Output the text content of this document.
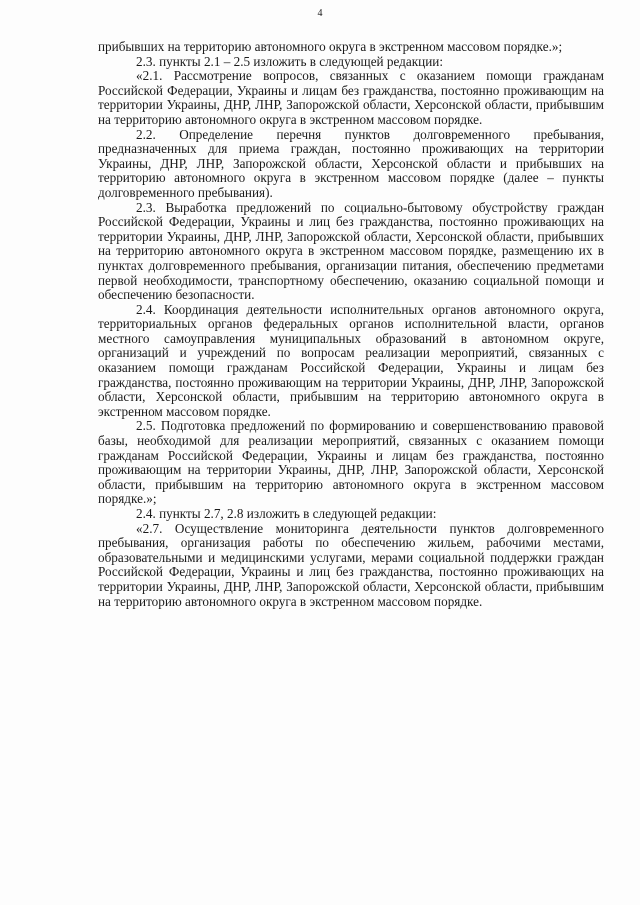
4

прибывших на территорию автономного округа в экстренном массовом порядке.»;

2.3. пункты 2.1 – 2.5 изложить в следующей редакции:

«2.1. Рассмотрение вопросов, связанных с оказанием помощи гражданам Российской Федерации, Украины и лицам без гражданства, постоянно проживающим на территории Украины, ДНР, ЛНР, Запорожской области, Херсонской области, прибывшим на территорию автономного округа в экстренном массовом порядке.

2.2. Определение перечня пунктов долговременного пребывания, предназначенных для приема граждан, постоянно проживающих на территории Украины, ДНР, ЛНР, Запорожской области, Херсонской области и прибывших на территорию автономного округа в экстренном массовом порядке (далее – пункты долговременного пребывания).

2.3. Выработка предложений по социально-бытовому обустройству граждан Российской Федерации, Украины и лиц без гражданства, постоянно проживающих на территории Украины, ДНР, ЛНР, Запорожской области, Херсонской области, прибывших на территорию автономного округа в экстренном массовом порядке, размещению их в пунктах долговременного пребывания, организации питания, обеспечению предметами первой необходимости, транспортному обеспечению, оказанию социальной помощи и обеспечению безопасности.

2.4. Координация деятельности исполнительных органов автономного округа, территориальных органов федеральных органов исполнительной власти, органов местного самоуправления муниципальных образований в автономном округе, организаций и учреждений по вопросам реализации мероприятий, связанных с оказанием помощи гражданам Российской Федерации, Украины и лицам без гражданства, постоянно проживающим на территории Украины, ДНР, ЛНР, Запорожской области, Херсонской области, прибывшим на территорию автономного округа в экстренном массовом порядке.

2.5. Подготовка предложений по формированию и совершенствованию правовой базы, необходимой для реализации мероприятий, связанных с оказанием помощи гражданам Российской Федерации, Украины и лицам без гражданства, постоянно проживающим на территории Украины, ДНР, ЛНР, Запорожской области, Херсонской области, прибывшим на территорию автономного округа в экстренном массовом порядке.»;

2.4. пункты 2.7, 2.8 изложить в следующей редакции:

«2.7. Осуществление мониторинга деятельности пунктов долговременного пребывания, организация работы по обеспечению жильем, рабочими местами, образовательными и медицинскими услугами, мерами социальной поддержки граждан Российской Федерации, Украины и лиц без гражданства, постоянно проживающих на территории Украины, ДНР, ЛНР, Запорожской области, Херсонской области, прибывшим на территорию автономного округа в экстренном массовом порядке.
